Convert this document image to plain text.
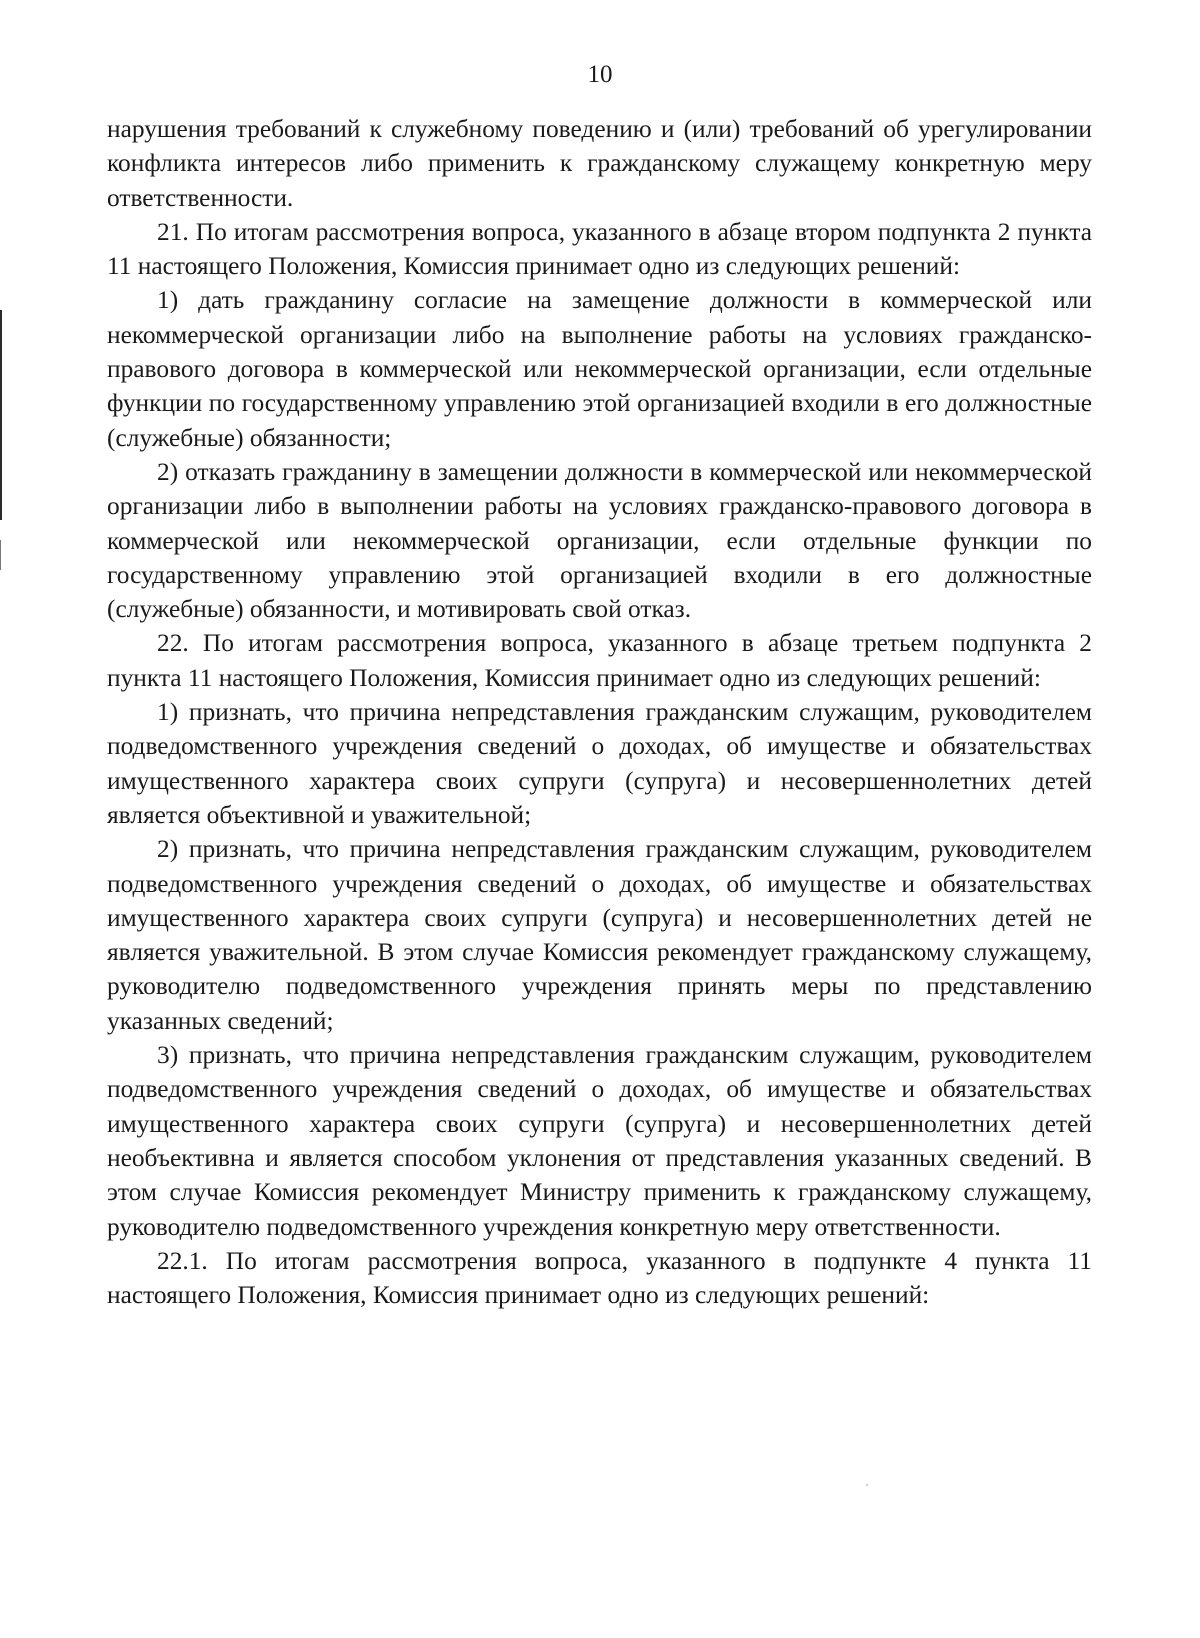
10

нарушения требований к служебному поведению и (или) требований об урегулировании конфликта интересов либо применить к гражданскому служащему конкретную меру ответственности.

21. По итогам рассмотрения вопроса, указанного в абзаце втором подпункта 2 пункта 11 настоящего Положения, Комиссия принимает одно из следующих решений:

1) дать гражданину согласие на замещение должности в коммерческой или некоммерческой организации либо на выполнение работы на условиях гражданско-правового договора в коммерческой или некоммерческой организации, если отдельные функции по государственному управлению этой организацией входили в его должностные (служебные) обязанности;

2) отказать гражданину в замещении должности в коммерческой или некоммерческой организации либо в выполнении работы на условиях гражданско-правового договора в коммерческой или некоммерческой организации, если отдельные функции по государственному управлению этой организацией входили в его должностные (служебные) обязанности, и мотивировать свой отказ.

22. По итогам рассмотрения вопроса, указанного в абзаце третьем подпункта 2 пункта 11 настоящего Положения, Комиссия принимает одно из следующих решений:

1) признать, что причина непредставления гражданским служащим, руководителем подведомственного учреждения сведений о доходах, об имуществе и обязательствах имущественного характера своих супруги (супруга) и несовершеннолетних детей является объективной и уважительной;

2) признать, что причина непредставления гражданским служащим, руководителем подведомственного учреждения сведений о доходах, об имуществе и обязательствах имущественного характера своих супруги (супруга) и несовершеннолетних детей не является уважительной. В этом случае Комиссия рекомендует гражданскому служащему, руководителю подведомственного учреждения принять меры по представлению указанных сведений;

3) признать, что причина непредставления гражданским служащим, руководителем подведомственного учреждения сведений о доходах, об имуществе и обязательствах имущественного характера своих супруги (супруга) и несовершеннолетних детей необъективна и является способом уклонения от представления указанных сведений. В этом случае Комиссия рекомендует Министру применить к гражданскому служащему, руководителю подведомственного учреждения конкретную меру ответственности.

22.1. По итогам рассмотрения вопроса, указанного в подпункте 4 пункта 11 настоящего Положения, Комиссия принимает одно из следующих решений:
